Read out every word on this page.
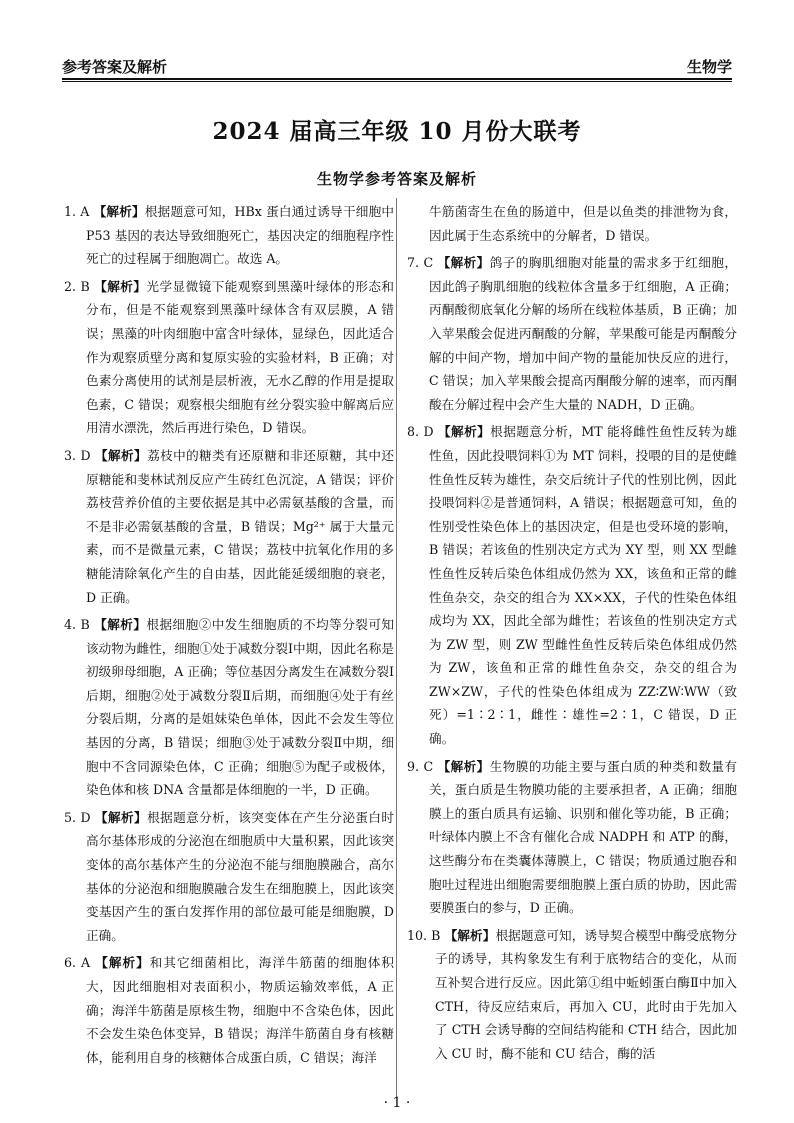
参考答案及解析	生物学
2024 届高三年级 10 月份大联考
生物学参考答案及解析

1. A 【解析】根据题意可知，HBx 蛋白通过诱导干细胞中 P53 基因的表达导致细胞死亡，基因决定的细胞程序性死亡的过程属于细胞凋亡。故选 A。

2. B 【解析】光学显微镜下能观察到黑藻叶绿体的形态和分布，但是不能观察到黑藻叶绿体含有双层膜，A 错误；黑藻的叶肉细胞中富含叶绿体，显绿色，因此适合作为观察质壁分离和复原实验的实验材料，B 正确；对色素分离使用的试剂是层析液，无水乙醇的作用是提取色素，C 错误；观察根尖细胞有丝分裂实验中解离后应用清水漂洗，然后再进行染色，D 错误。

3. D 【解析】荔枝中的糖类有还原糖和非还原糖，其中还原糖能和斐林试剂反应产生砖红色沉淀，A 错误；评价荔枝营养价值的主要依据是其中必需氨基酸的含量，而不是非必需氨基酸的含量，B 错误；Mg²⁺ 属于大量元素，而不是微量元素，C 错误；荔枝中抗氧化作用的多糖能清除氧化产生的自由基，因此能延缓细胞的衰老，D 正确。

4. B 【解析】根据细胞②中发生细胞质的不均等分裂可知该动物为雌性，细胞①处于减数分裂Ⅰ中期，因此名称是初级卵母细胞，A 正确；等位基因分离发生在减数分裂Ⅰ后期，细胞②处于减数分裂Ⅱ后期，而细胞④处于有丝分裂后期，分离的是姐妹染色单体，因此不会发生等位基因的分离，B 错误；细胞③处于减数分裂Ⅱ中期，细胞中不含同源染色体，C 正确；细胞⑤为配子或极体，染色体和核 DNA 含量都是体细胞的一半，D 正确。

5. D 【解析】根据题意分析，该突变体在产生分泌蛋白时高尔基体形成的分泌泡在细胞质中大量积累，因此该突变体的高尔基体产生的分泌泡不能与细胞膜融合，高尔基体的分泌泡和细胞膜融合发生在细胞膜上，因此该突变基因产生的蛋白发挥作用的部位最可能是细胞膜，D 正确。

6. A 【解析】和其它细菌相比，海洋牛筋菌的细胞体积大，因此细胞相对表面积小，物质运输效率低，A 正确；海洋牛筋菌是原核生物，细胞中不含染色体，因此不会发生染色体变异，B 错误；海洋牛筋菌自身有核糖体，能利用自身的核糖体合成蛋白质，C 错误；海洋

牛筋菌寄生在鱼的肠道中，但是以鱼类的排泄物为食，因此属于生态系统中的分解者，D 错误。

7. C 【解析】鸽子的胸肌细胞对能量的需求多于红细胞，因此鸽子胸肌细胞的线粒体含量多于红细胞，A 正确；丙酮酸彻底氧化分解的场所在线粒体基质，B 正确；加入苹果酸会促进丙酮酸的分解，苹果酸可能是丙酮酸分解的中间产物，增加中间产物的量能加快反应的进行，C 错误；加入苹果酸会提高丙酮酸分解的速率，而丙酮酸在分解过程中会产生大量的 NADH，D 正确。

8. D 【解析】根据题意分析，MT 能将雌性鱼性反转为雄性鱼，因此投喂饲料①为 MT 饲料，投喂的目的是使雌性鱼性反转为雄性，杂交后统计子代的性别比例，因此投喂饲料②是普通饲料，A 错误；根据题意可知，鱼的性别受性染色体上的基因决定，但是也受环境的影响，B 错误；若该鱼的性别决定方式为 XY 型，则 XX 型雌性鱼性反转后染色体组成仍然为 XX，该鱼和正常的雌性鱼杂交，杂交的组合为 XX×XX，子代的性染色体组成均为 XX，因此全部为雌性；若该鱼的性别决定方式为 ZW 型，则 ZW 型雌性鱼性反转后染色体组成仍然为 ZW，该鱼和正常的雌性鱼杂交，杂交的组合为 ZW×ZW，子代的性染色体组成为 ZZ∶ZW∶WW（致死）=1∶2∶1，雌性∶雄性=2∶1，C 错误，D 正确。

9. C 【解析】生物膜的功能主要与蛋白质的种类和数量有关，蛋白质是生物膜功能的主要承担者，A 正确；细胞膜上的蛋白质具有运输、识别和催化等功能，B 正确；叶绿体内膜上不含有催化合成 NADPH 和 ATP 的酶，这些酶分布在类囊体薄膜上，C 错误；物质通过胞吞和胞吐过程进出细胞需要细胞膜上蛋白质的协助，因此需要膜蛋白的参与，D 正确。

10. B 【解析】根据题意可知，诱导契合模型中酶受底物分子的诱导，其构象发生有利于底物结合的变化，从而互补契合进行反应。因此第①组中蚯蚓蛋白酶Ⅱ中加入 CTH，待反应结束后，再加入 CU，此时由于先加入了 CTH 会诱导酶的空间结构能和 CTH 结合，因此加入 CU 时，酶不能和 CU 结合，酶的活

· 1 ·
